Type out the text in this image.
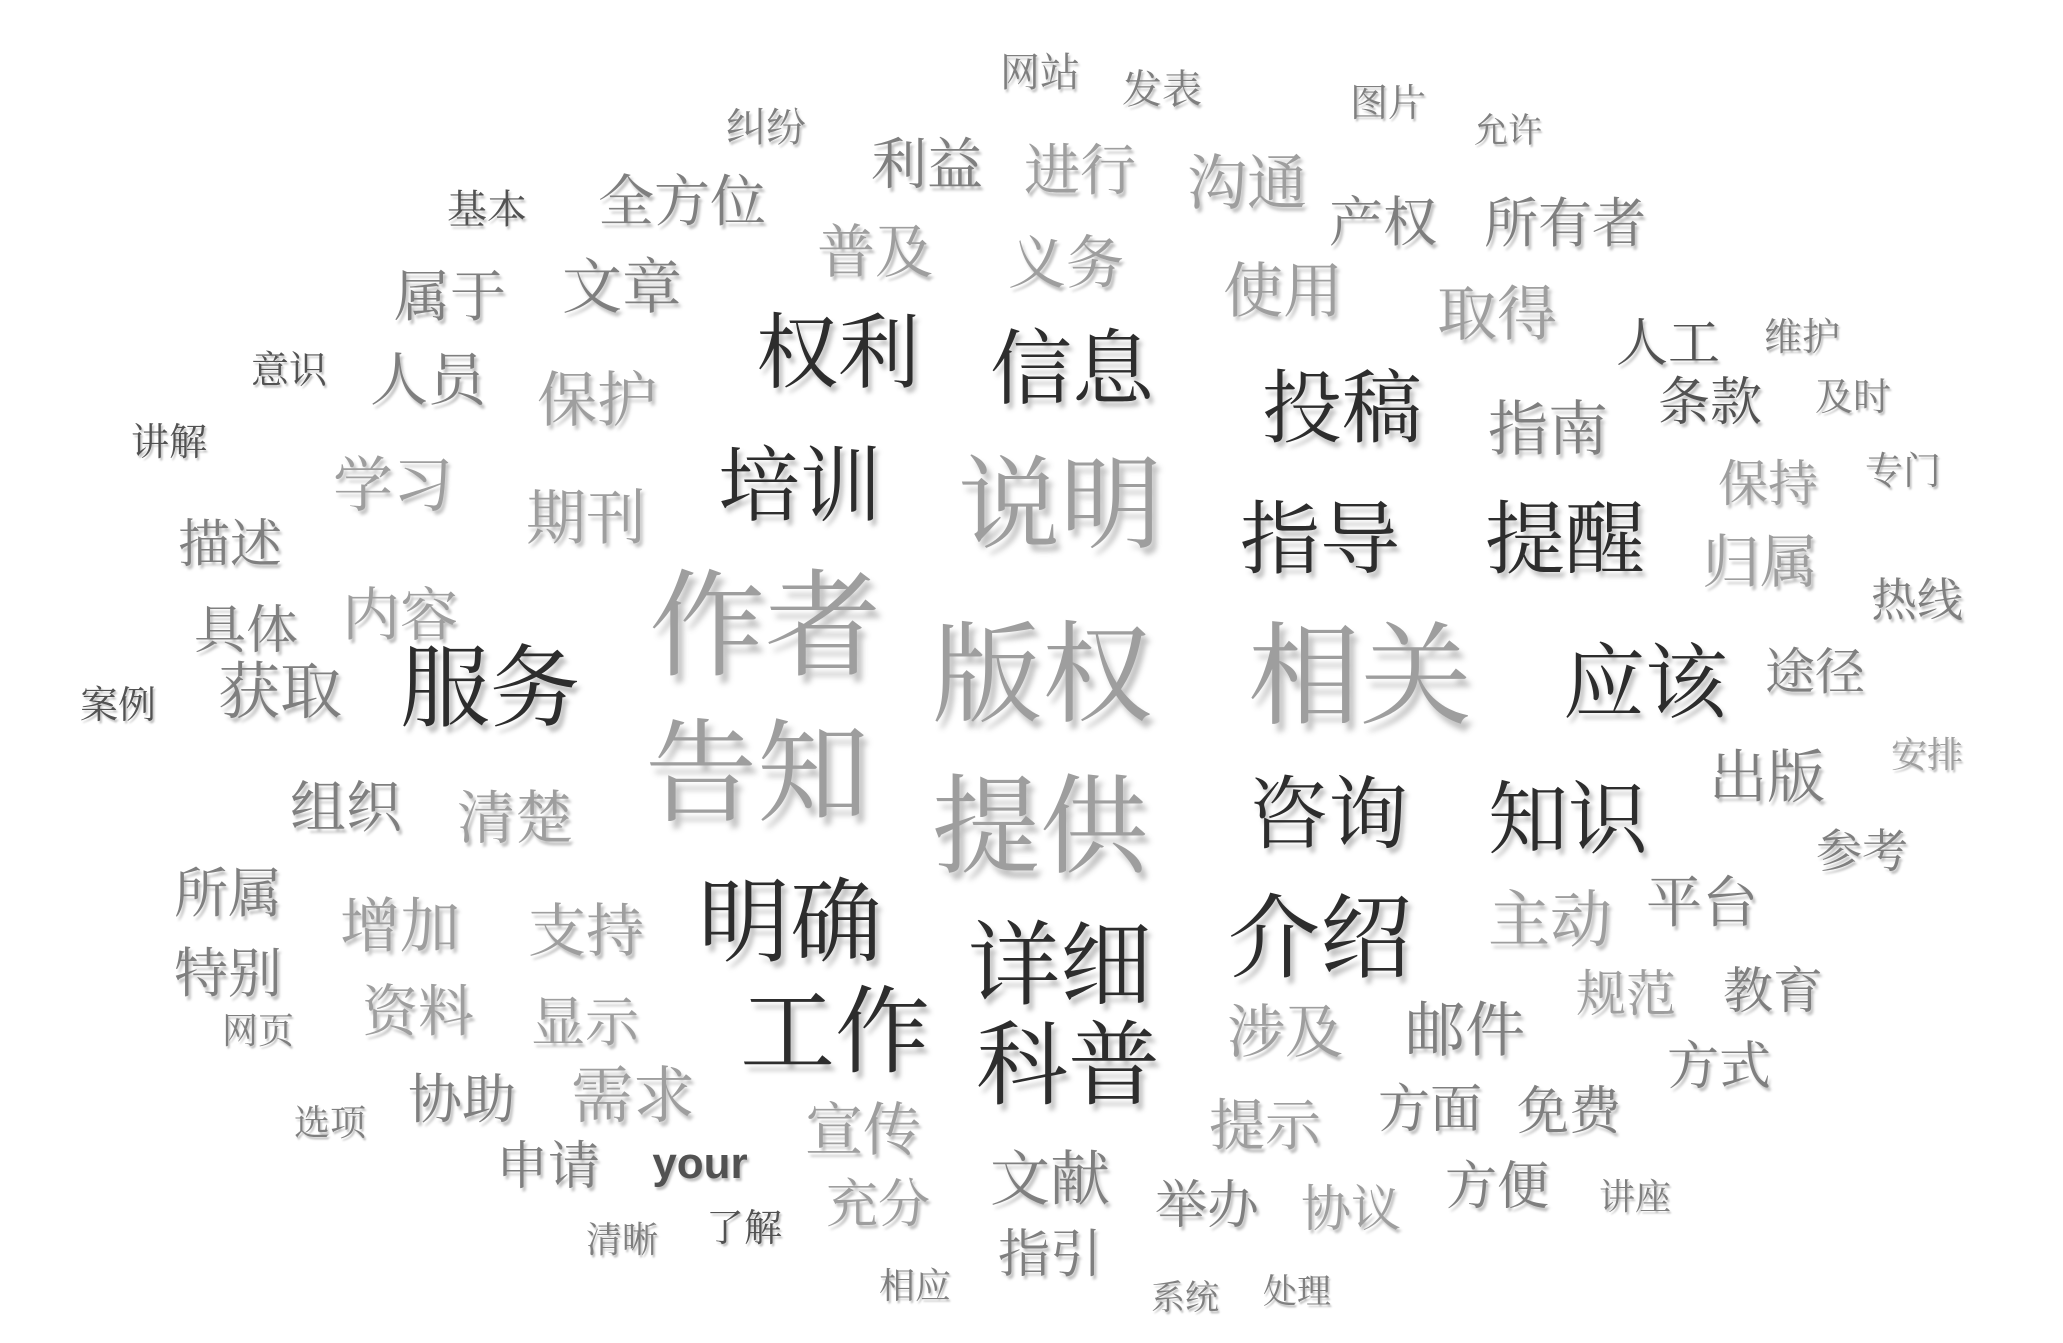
网站 发表
纠纷
图片
允许
利益 进行 沟通
基本 全方位
普及 义务
产权 所有者
属于 文章	使用 取得 人工 维护
意识 人员 保护
权利 信息 投稿 指南 条款 及时
讲解
学习 期刊 培训 说明 指导 提醒
保持 专门
描述
内容
具体
归属
热线
案例 获取 服务 作者 版权 相关 应该 途径
安排
组织 清楚 告知 提供 咨询 知识 出版
参考
所属 增加 支持
特别	明确 详细 介绍 主动 平台
网页 资料 显示 工作 科普 涉及 邮件
规范 教育
方式
协助 需求
选项
申请 your
宣传
充分 文献
指引
相应
提示 方面 免费
举办 协议 方便 讲座
清晰 了解
系统 处理
